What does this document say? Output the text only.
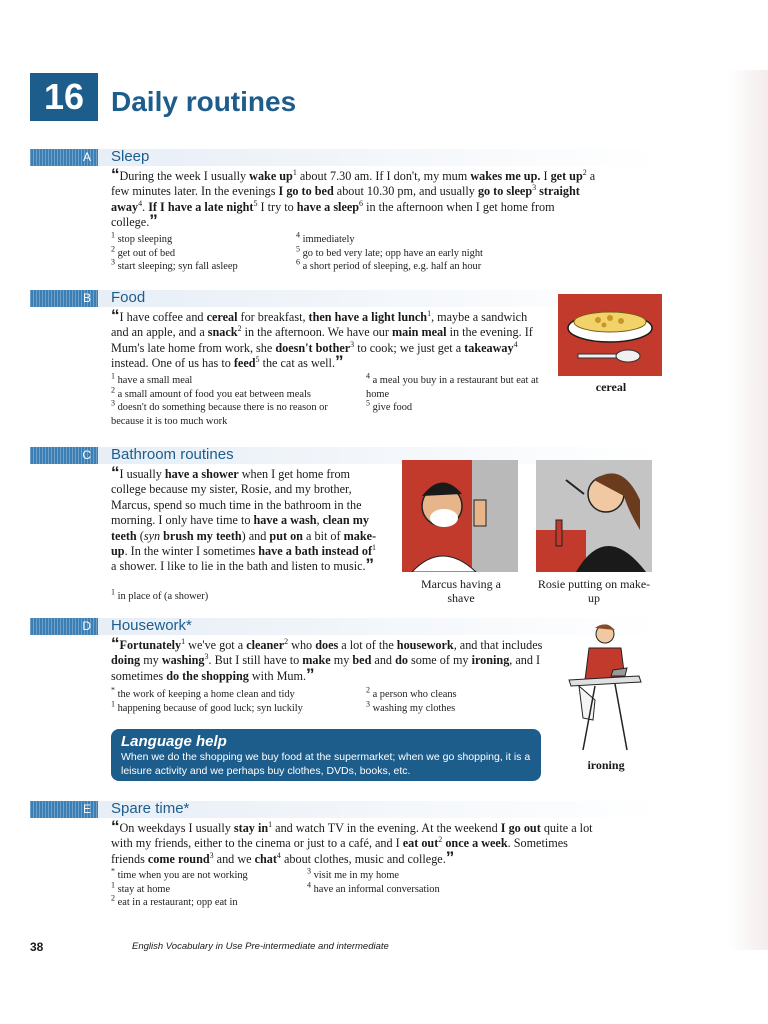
16 Daily routines
A	Sleep
“During the week I usually wake $up^1$ about 7.30 am. If I don't, my mum wakes me up. I get $up^2$ a few minutes later. In the evenings I go to bed about 10.30 pm, and usually go to sleep$^3$ straight away$^4$. If I have a late night$^5$ I try to have a sleep$^6$ in the afternoon when I get home from college.”
$^1$ stop sleeping
$^2$ get out of bed
$^3$ start sleeping; syn fall asleep
$^4$ immediately
$^5$ go to bed very late; opp have an early night
$^6$ a short period of sleeping, e.g. half an hour
B	Food
“I have coffee and cereal for breakfast, then have a light lunch$^1$, maybe a sandwich and an apple, and a snack$^2$ in the afternoon. We have our main meal in the evening. If Mum's late home from work, she doesn't bother$^3$ to cook; we just get a takeaway$^4$ instead. One of us has to feed$^5$ the cat as well.”
$^1$ have a small meal
$^2$ a small amount of food you eat between meals
$^3$ doesn't do something because there is no reason or because it is too much work
$^4$ a meal you buy in a restaurant but eat at home
$^5$ give food
cereal
C	Bathroom routines
“I usually have a shower when I get home from college because my sister, Rosie, and my brother, Marcus, spend so much time in the bathroom in the morning. I only have time to have a wash, clean my teeth (syn brush my teeth) and put on a bit of make-up. In the winter I sometimes have a bath instead $of^1$ a shower. I like to lie in the bath and listen to music.”
$^1$ in place of (a shower)
Marcus having a shave
Rosie putting on make-up
D	Housework*
“Fortunately$^1$ we've got a cleaner$^2$ who does a lot of the housework, and that includes doing my washing$^3$. But I still have to make my bed and do some of my ironing, and I sometimes do the shopping with Mum.”
* the work of keeping a home clean and tidy
$^1$ happening because of good luck; syn luckily
$^2$ a person who cleans
$^3$ washing my clothes
Language help
When we do the shopping we buy food at the supermarket; when we go shopping, it is a leisure activity and we perhaps buy clothes, DVDs, books, etc.	ironing
E	Spare time*
“On weekdays I usually stay $in^1$ and watch TV in the evening. At the weekend I go out quite a lot with my friends, either to the cinema or just to a café, and I eat out$^2$ once a week. Sometimes friends come round$^3$ and we chat$^4$ about clothes, music and college.”
* time when you are not working
$^1$ stay at home
$^2$ eat in a restaurant; opp eat in
$^3$ visit me in my home
$^4$ have an informal conversation
38	English Vocabulary in Use Pre-intermediate and intermediate
